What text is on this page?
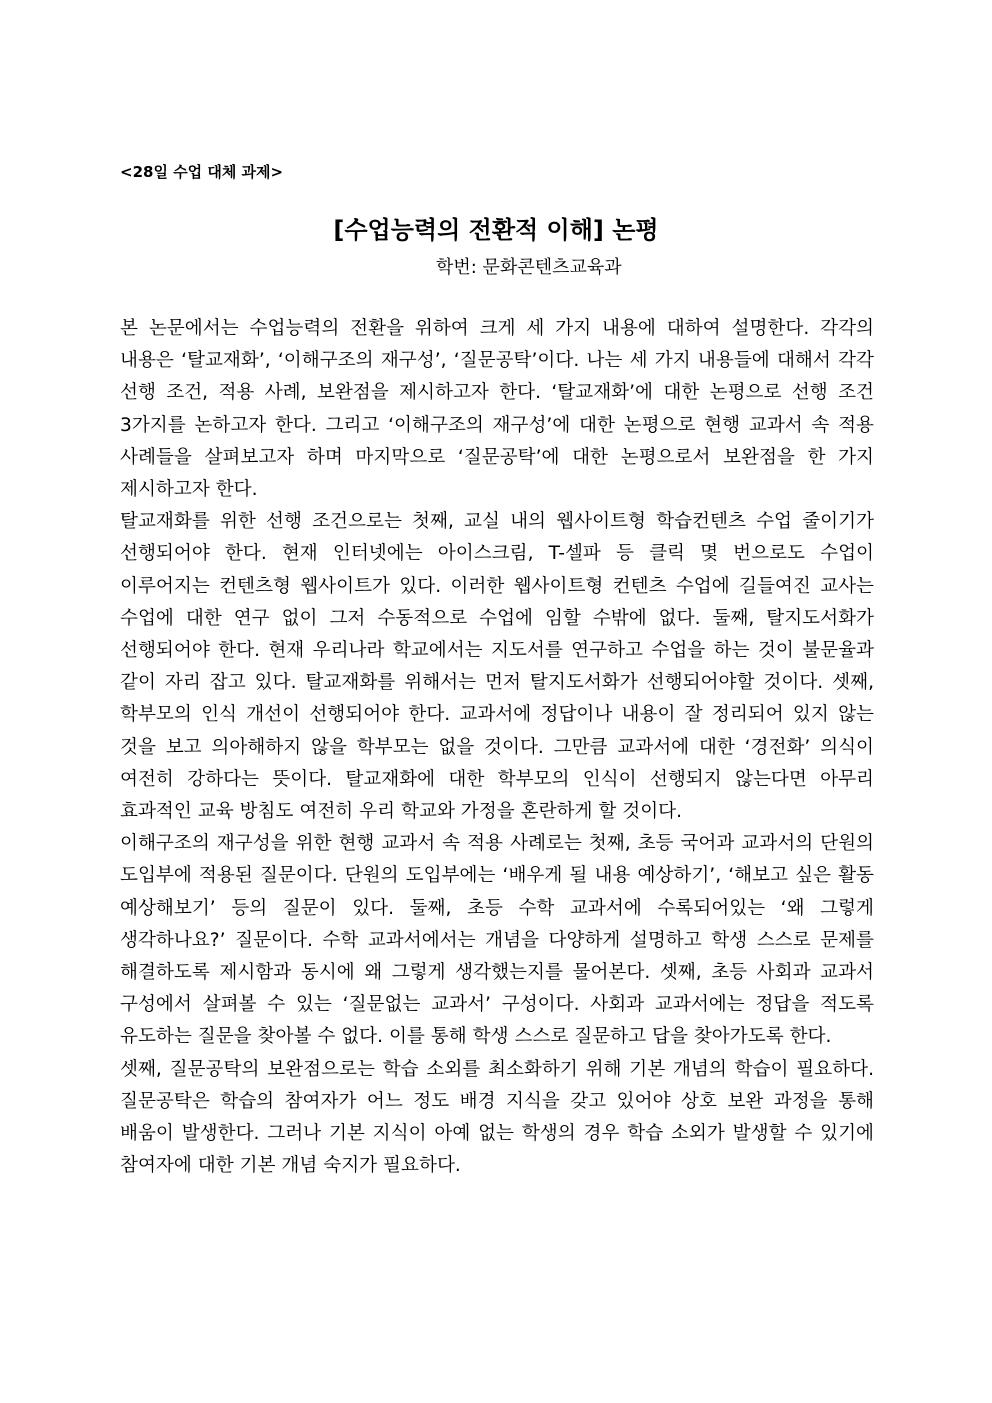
<28일 수업 대체 과제>
[수업능력의 전환적 이해] 논평
학번: 문화콘텐츠교육과

본 논문에서는 수업능력의 전환을 위하여 크게 세 가지 내용에 대하여 설명한다. 각각의 내용은 ‘탈교재화’, ‘이해구조의 재구성’, ‘질문공탁’이다. 나는 세 가지 내용들에 대해서 각각 선행 조건, 적용 사례, 보완점을 제시하고자 한다. ‘탈교재화’에 대한 논평으로 선행 조건 3가지를 논하고자 한다. 그리고 ‘이해구조의 재구성’에 대한 논평으로 현행 교과서 속 적용 사례들을 살펴보고자 하며 마지막으로 ‘질문공탁’에 대한 논평으로서 보완점을 한 가지 제시하고자 한다.

탈교재화를 위한 선행 조건으로는 첫째, 교실 내의 웹사이트형 학습컨텐츠 수업 줄이기가 선행되어야 한다. 현재 인터넷에는 아이스크림, T-셀파 등 클릭 몇 번으로도 수업이 이루어지는 컨텐츠형 웹사이트가 있다. 이러한 웹사이트형 컨텐츠 수업에 길들여진 교사는 수업에 대한 연구 없이 그저 수동적으로 수업에 임할 수밖에 없다. 둘째, 탈지도서화가 선행되어야 한다. 현재 우리나라 학교에서는 지도서를 연구하고 수업을 하는 것이 불문율과 같이 자리 잡고 있다. 탈교재화를 위해서는 먼저 탈지도서화가 선행되어야할 것이다. 셋째, 학부모의 인식 개선이 선행되어야 한다. 교과서에 정답이나 내용이 잘 정리되어 있지 않는 것을 보고 의아해하지 않을 학부모는 없을 것이다. 그만큼 교과서에 대한 ‘경전화’ 의식이 여전히 강하다는 뜻이다. 탈교재화에 대한 학부모의 인식이 선행되지 않는다면 아무리 효과적인 교육 방침도 여전히 우리 학교와 가정을 혼란하게 할 것이다.

이해구조의 재구성을 위한 현행 교과서 속 적용 사례로는 첫째, 초등 국어과 교과서의 단원의 도입부에 적용된 질문이다. 단원의 도입부에는 ‘배우게 될 내용 예상하기’, ‘해보고 싶은 활동 예상해보기’ 등의 질문이 있다. 둘째, 초등 수학 교과서에 수록되어있는 ‘왜 그렇게 생각하나요?’ 질문이다. 수학 교과서에서는 개념을 다양하게 설명하고 학생 스스로 문제를 해결하도록 제시함과 동시에 왜 그렇게 생각했는지를 물어본다. 셋째, 초등 사회과 교과서 구성에서 살펴볼 수 있는 ‘질문없는 교과서’ 구성이다. 사회과 교과서에는 정답을 적도록 유도하는 질문을 찾아볼 수 없다. 이를 통해 학생 스스로 질문하고 답을 찾아가도록 한다.

셋째, 질문공탁의 보완점으로는 학습 소외를 최소화하기 위해 기본 개념의 학습이 필요하다. 질문공탁은 학습의 참여자가 어느 정도 배경 지식을 갖고 있어야 상호 보완 과정을 통해 배움이 발생한다. 그러나 기본 지식이 아예 없는 학생의 경우 학습 소외가 발생할 수 있기에 참여자에 대한 기본 개념 숙지가 필요하다.
